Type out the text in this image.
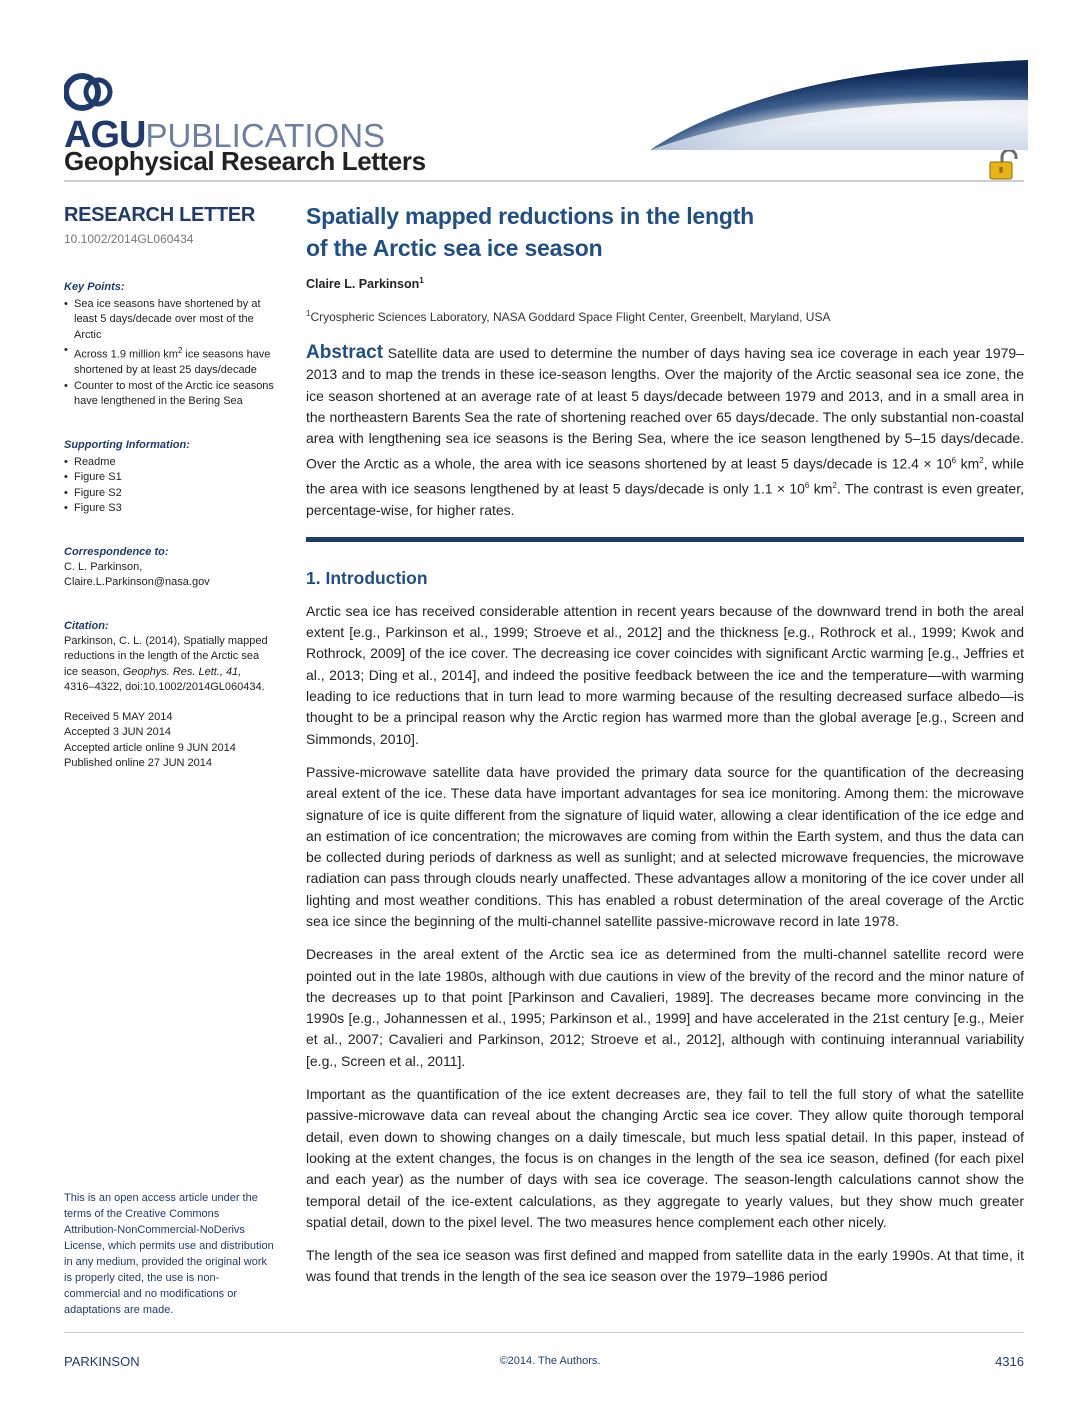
AGUPUBLICATIONS
Geophysical Research Letters
RESEARCH LETTER
10.1002/2014GL060434
Key Points:
• Sea ice seasons have shortened by at least 5 days/decade over most of the Arctic
• Across 1.9 million $km^2$ ice seasons have shortened by at least 25 days/decade
• Counter to most of the Arctic ice seasons have lengthened in the Bering Sea
Supporting Information:
• Readme
• Figure S1
• Figure S2
• Figure S3
Correspondence to:

C. L. Parkinson,

Claire.L.Parkinson@nasa.gov

Citation:

Parkinson, C. L. (2014), Spatially mapped reductions in the length of the Arctic sea ice season, Geophys. Res. Lett., 41, 4316–4322, doi:10.1002/2014GL060434.

Received 5 MAY 2014

Accepted 3 JUN 2014

Accepted article online 9 JUN 2014

Published online 27 JUN 2014

This is an open access article under the terms of the Creative Commons Attribution-NonCommercial-NoDerivs License, which permits use and distribution in any medium, provided the original work is properly cited, the use is non-commercial and no modifications or adaptations are made.
Spatially mapped reductions in the length
of the Arctic sea ice season
Claire L. Parkinson$^1$
$^1$Cryospheric Sciences Laboratory, NASA Goddard Space Flight Center, Greenbelt, Maryland, USA
Abstract Satellite data are used to determine the number of days having sea ice coverage in each year 1979–2013 and to map the trends in these ice-season lengths. Over the majority of the Arctic seasonal sea ice zone, the ice season shortened at an average rate of at least 5 days/decade between 1979 and 2013, and in a small area in the northeastern Barents Sea the rate of shortening reached over 65 days/decade. The only substantial non-coastal area with lengthening sea ice seasons is the Bering Sea, where the ice season lengthened by 5–15 days/decade. Over the Arctic as a whole, the area with ice seasons shortened by at least 5 days/decade is $12.4 \times 10^6$ $km^2$, while the area with ice seasons lengthened by at least 5 days/decade is only $1.1 \times 10^6$ $km^2$. The contrast is even greater, percentage-wise, for higher rates.
1. Introduction

Arctic sea ice has received considerable attention in recent years because of the downward trend in both the areal extent [e.g., Parkinson et al., 1999; Stroeve et al., 2012] and the thickness [e.g., Rothrock et al., 1999; Kwok and Rothrock, 2009] of the ice cover. The decreasing ice cover coincides with significant Arctic warming [e.g., Jeffries et al., 2013; Ding et al., 2014], and indeed the positive feedback between the ice and the temperature—with warming leading to ice reductions that in turn lead to more warming because of the resulting decreased surface albedo—is thought to be a principal reason why the Arctic region has warmed more than the global average [e.g., Screen and Simmonds, 2010].

Passive-microwave satellite data have provided the primary data source for the quantification of the decreasing areal extent of the ice. These data have important advantages for sea ice monitoring. Among them: the microwave signature of ice is quite different from the signature of liquid water, allowing a clear identification of the ice edge and an estimation of ice concentration; the microwaves are coming from within the Earth system, and thus the data can be collected during periods of darkness as well as sunlight; and at selected microwave frequencies, the microwave radiation can pass through clouds nearly unaffected. These advantages allow a monitoring of the ice cover under all lighting and most weather conditions. This has enabled a robust determination of the areal coverage of the Arctic sea ice since the beginning of the multi-channel satellite passive-microwave record in late 1978.

Decreases in the areal extent of the Arctic sea ice as determined from the multi-channel satellite record were pointed out in the late 1980s, although with due cautions in view of the brevity of the record and the minor nature of the decreases up to that point [Parkinson and Cavalieri, 1989]. The decreases became more convincing in the 1990s [e.g., Johannessen et al., 1995; Parkinson et al., 1999] and have accelerated in the 21st century [e.g., Meier et al., 2007; Cavalieri and Parkinson, 2012; Stroeve et al., 2012], although with continuing interannual variability [e.g., Screen et al., 2011].

Important as the quantification of the ice extent decreases are, they fail to tell the full story of what the satellite passive-microwave data can reveal about the changing Arctic sea ice cover. They allow quite thorough temporal detail, even down to showing changes on a daily timescale, but much less spatial detail. In this paper, instead of looking at the extent changes, the focus is on changes in the length of the sea ice season, defined (for each pixel and each year) as the number of days with sea ice coverage. The season-length calculations cannot show the temporal detail of the ice-extent calculations, as they aggregate to yearly values, but they show much greater spatial detail, down to the pixel level. The two measures hence complement each other nicely.

The length of the sea ice season was first defined and mapped from satellite data in the early 1990s. At that time, it was found that trends in the length of the sea ice season over the 1979–1986 period

PARKINSON	©2014. The Authors.	4316
